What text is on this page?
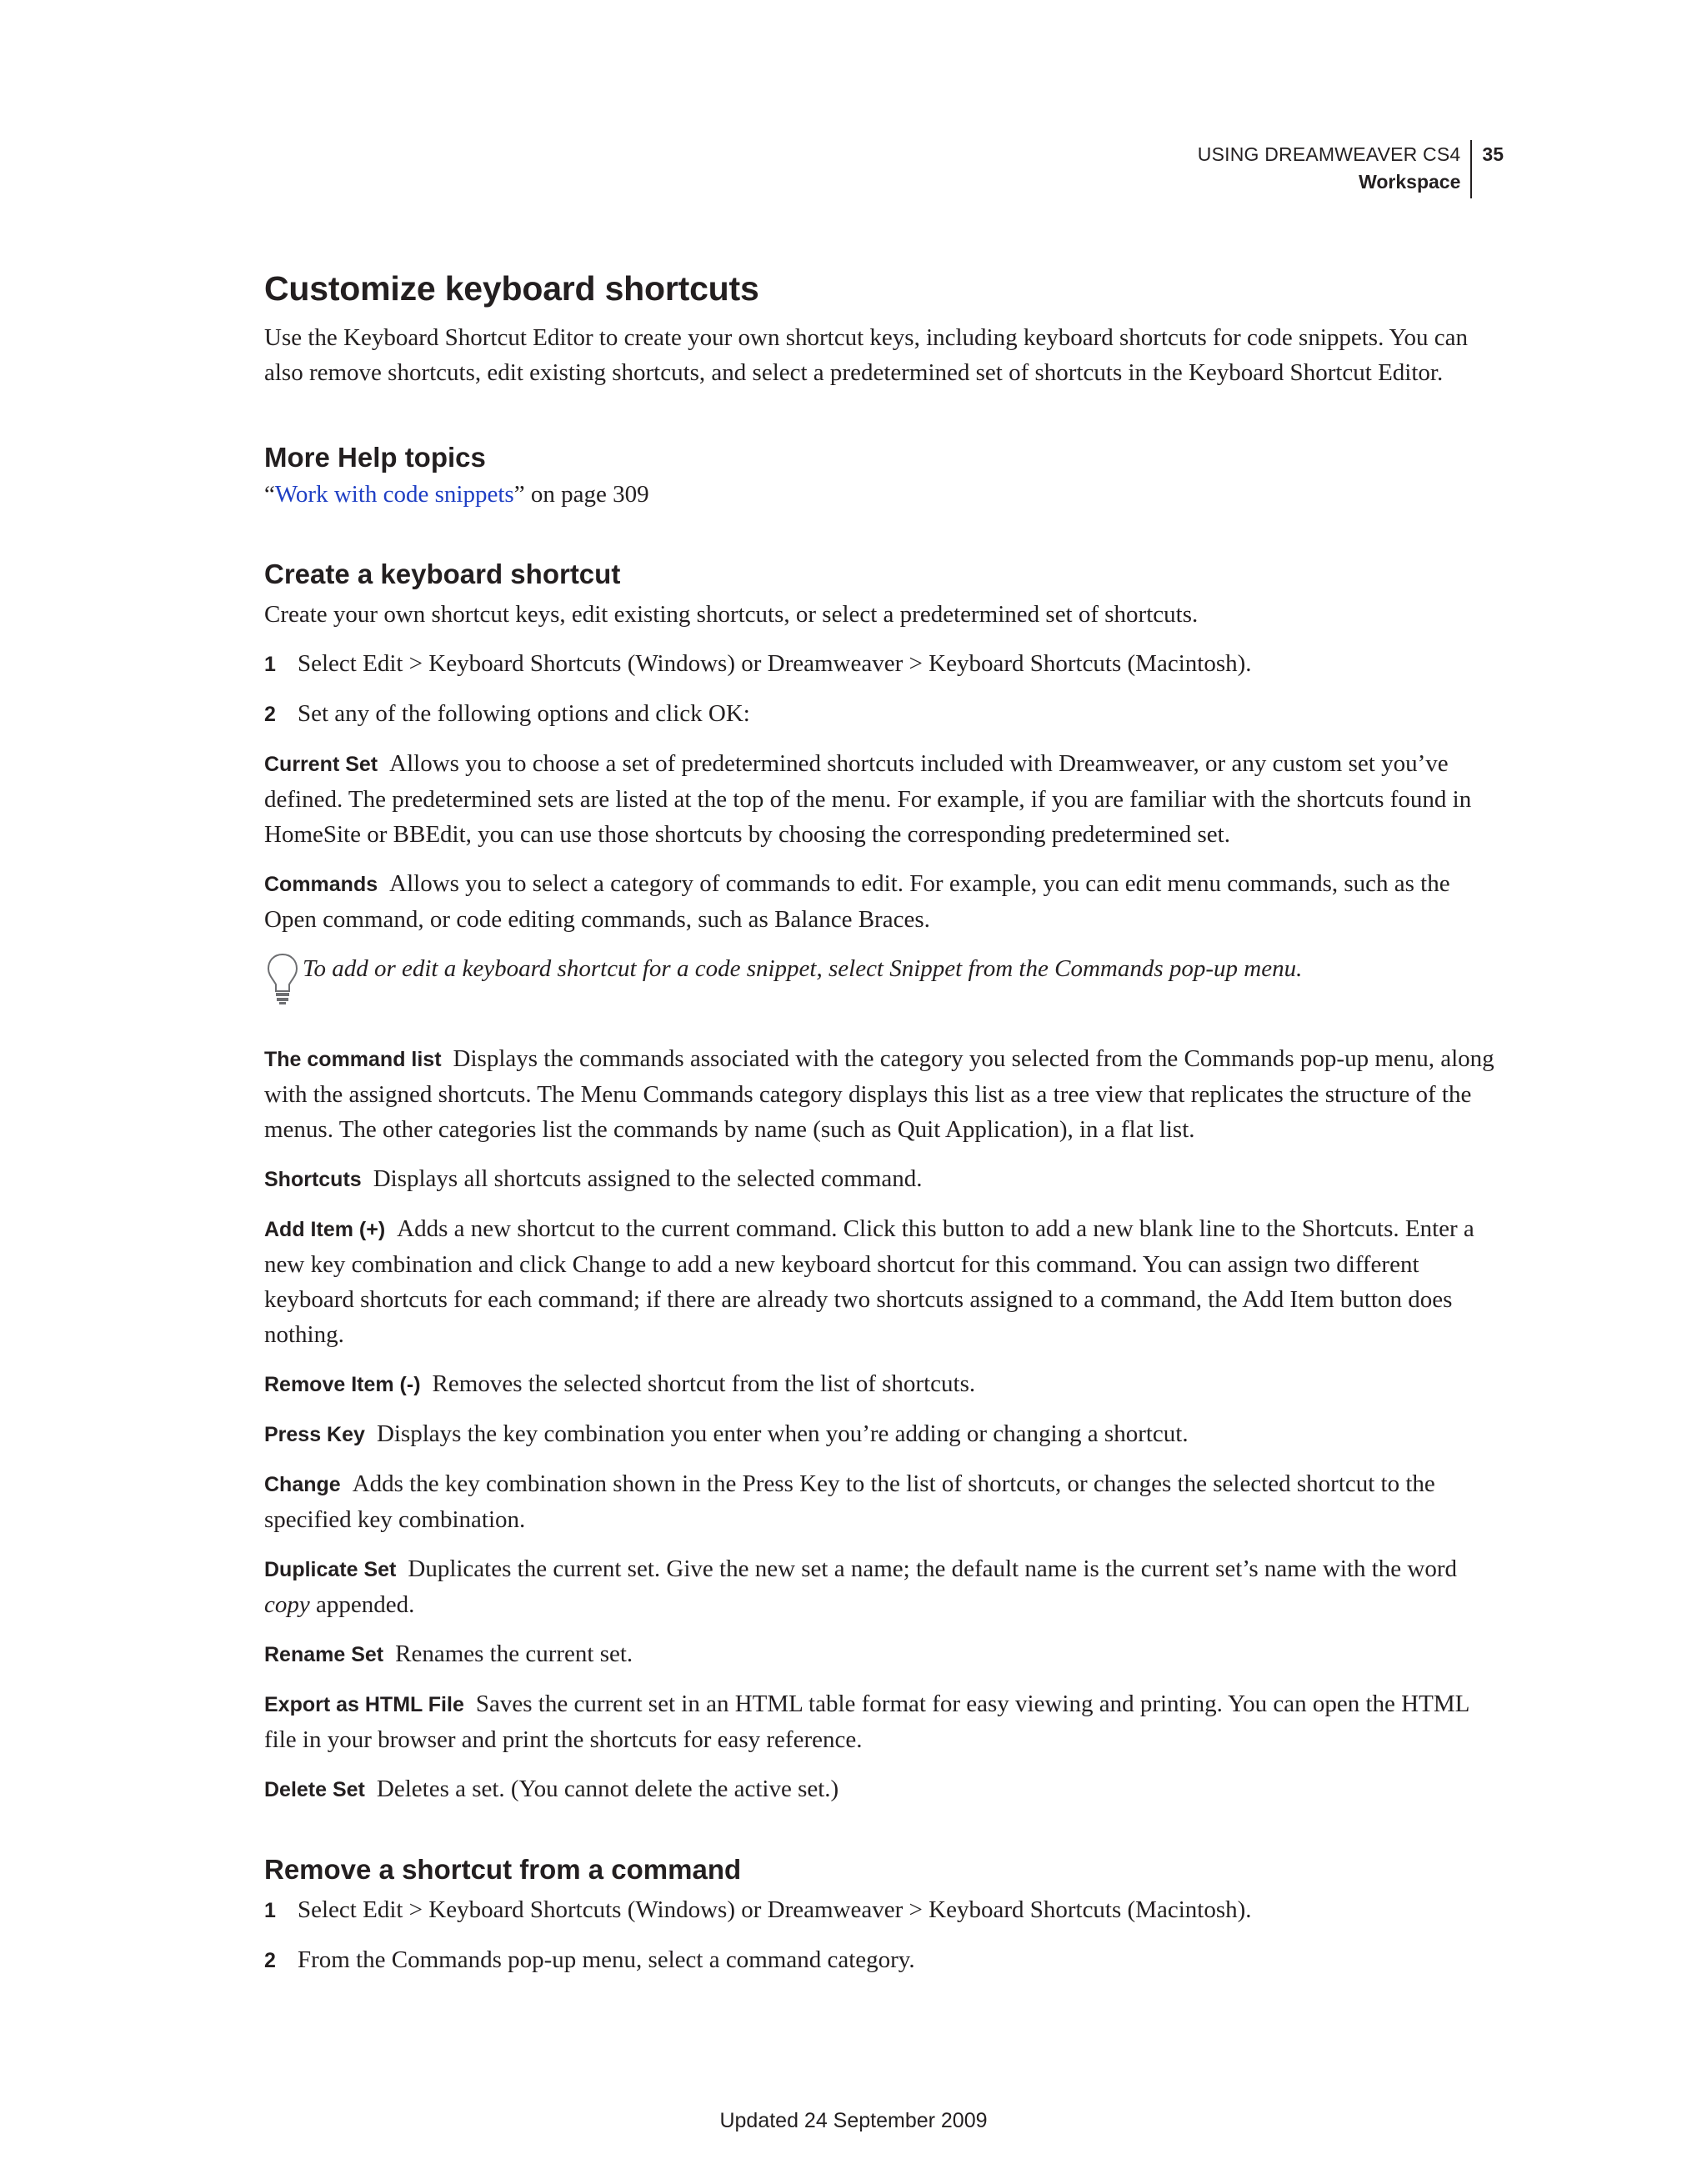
USING DREAMWEAVER CS4
Workspace
35
Customize keyboard shortcuts

Use the Keyboard Shortcut Editor to create your own shortcut keys, including keyboard shortcuts for code snippets. You can also remove shortcuts, edit existing shortcuts, and select a predetermined set of shortcuts in the Keyboard Shortcut Editor.

More Help topics

“Work with code snippets” on page 309

Create a keyboard shortcut

Create your own shortcut keys, edit existing shortcuts, or select a predetermined set of shortcuts.

1 Select Edit > Keyboard Shortcuts (Windows) or Dreamweaver > Keyboard Shortcuts (Macintosh).
2 Set any of the following options and click OK:
Current Set Allows you to choose a set of predetermined shortcuts included with Dreamweaver, or any custom set you’ve defined. The predetermined sets are listed at the top of the menu. For example, if you are familiar with the shortcuts found in HomeSite or BBEdit, you can use those shortcuts by choosing the corresponding predetermined set.
Commands Allows you to select a category of commands to edit. For example, you can edit menu commands, such as the Open command, or code editing commands, such as Balance Braces.
To add or edit a keyboard shortcut for a code snippet, select Snippet from the Commands pop-up menu.
The command list Displays the commands associated with the category you selected from the Commands pop-up menu, along with the assigned shortcuts. The Menu Commands category displays this list as a tree view that replicates the structure of the menus. The other categories list the commands by name (such as Quit Application), in a flat list.
Shortcuts Displays all shortcuts assigned to the selected command.
Add Item (+) Adds a new shortcut to the current command. Click this button to add a new blank line to the Shortcuts. Enter a new key combination and click Change to add a new keyboard shortcut for this command. You can assign two different keyboard shortcuts for each command; if there are already two shortcuts assigned to a command, the Add Item button does nothing.
Remove Item (-) Removes the selected shortcut from the list of shortcuts.
Press Key Displays the key combination you enter when you’re adding or changing a shortcut.
Change Adds the key combination shown in the Press Key to the list of shortcuts, or changes the selected shortcut to the specified key combination.
Duplicate Set Duplicates the current set. Give the new set a name; the default name is the current set’s name with the word copy appended.
Rename Set Renames the current set.
Export as HTML File Saves the current set in an HTML table format for easy viewing and printing. You can open the HTML file in your browser and print the shortcuts for easy reference.
Delete Set Deletes a set. (You cannot delete the active set.)
Remove a shortcut from a command
1 Select Edit > Keyboard Shortcuts (Windows) or Dreamweaver > Keyboard Shortcuts (Macintosh).
2 From the Commands pop-up menu, select a command category.
Updated 24 September 2009
